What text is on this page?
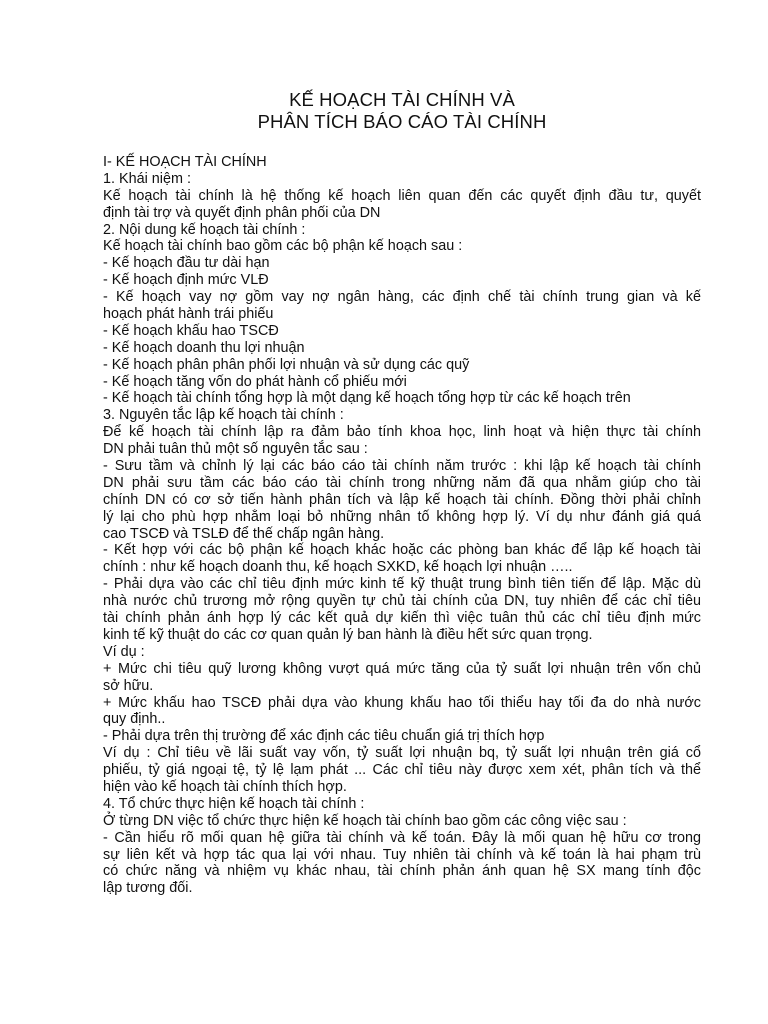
KẾ HOẠCH TÀI CHÍNH VÀ
PHÂN TÍCH BÁO CÁO TÀI CHÍNH
I- KẾ HOẠCH TÀI CHÍNH
1. Khái niệm :
Kế hoạch tài chính là hệ thống kế hoạch liên quan đến các quyết định đầu tư, quyết
định tài trợ và quyết định phân phối của DN
2. Nội dung kế hoạch tài chính :
Kế hoạch tài chính bao gồm các bộ phận kế hoạch sau :
- Kế hoạch đầu tư dài hạn
- Kế hoạch định mức VLĐ
- Kế hoạch vay nợ gồm vay nợ ngân hàng, các định chế tài chính trung gian và kế
hoạch phát hành trái phiếu
- Kế hoạch khấu hao TSCĐ
- Kế hoạch doanh thu lợi nhuận
- Kế hoạch phân phân phối lợi nhuận và sử dụng các quỹ
- Kế hoạch tăng vốn do phát hành cổ phiếu mới
- Kế hoạch tài chính tổng hợp là một dạng kế hoạch tổng hợp từ các kế hoạch trên
3. Nguyên tắc lập kế hoạch tài chính :
Để kế hoạch tài chính lập ra đảm bảo tính khoa học, linh hoạt và hiện thực tài chính
DN phải tuân thủ một số nguyên tắc sau :
- Sưu tầm và chỉnh lý lại các báo cáo tài chính năm trước : khi lập kế hoạch tài chính
DN phải sưu tầm các báo cáo tài chính trong những năm đã qua nhằm giúp cho tài
chính DN có cơ sở tiến hành phân tích và lập kế hoạch tài chính. Đồng thời phải chỉnh
lý lại cho phù hợp nhằm loại bỏ những nhân tố không hợp lý. Ví dụ như đánh giá quá
cao TSCĐ và TSLĐ để thế chấp ngân hàng.
- Kết hợp với các bộ phận kế hoạch khác hoặc các phòng ban khác để lập kế hoạch tài
chính : như kế hoạch doanh thu, kế hoạch SXKD, kế hoạch lợi nhuận …..
- Phải dựa vào các chỉ tiêu định mức kinh tế kỹ thuật trung bình tiên tiến để lập. Mặc dù
nhà nước chủ trương mở rộng quyền tự chủ tài chính của DN, tuy nhiên để các chỉ tiêu
tài chính phản ánh hợp lý các kết quả dự kiến thì việc tuân thủ các chỉ tiêu định mức
kinh tế kỹ thuật do các cơ quan quản lý ban hành là điều hết sức quan trọng.
Ví dụ :
+ Mức chi tiêu quỹ lương không vượt quá mức tăng của tỷ suất lợi nhuận trên vốn chủ
sở hữu.
+ Mức khấu hao TSCĐ phải dựa vào khung khấu hao tối thiểu hay tối đa do nhà nước
quy định..
- Phải dựa trên thị trường để xác định các tiêu chuẩn giá trị thích hợp
Ví dụ : Chỉ tiêu về lãi suất vay vốn, tỷ suất lợi nhuận bq, tỷ suất lợi nhuận trên giá cổ
phiếu, tỷ giá ngoại tệ, tỷ lệ lạm phát ... Các chỉ tiêu này được xem xét, phân tích và thể
hiện vào kế hoạch tài chính thích hợp.
4. Tổ chức thực hiện kế hoạch tài chính :
Ở từng DN việc tổ chức thực hiện kế hoạch tài chính bao gồm các công việc sau :
- Cần hiểu rõ mối quan hệ giữa tài chính và kế toán. Đây là mối quan hệ hữu cơ trong
sự liên kết và hợp tác qua lại với nhau. Tuy nhiên tài chính và kế toán là hai phạm trù
có chức năng và nhiệm vụ khác nhau, tài chính phản ánh quan hệ SX mang tính độc
lập tương đối.
